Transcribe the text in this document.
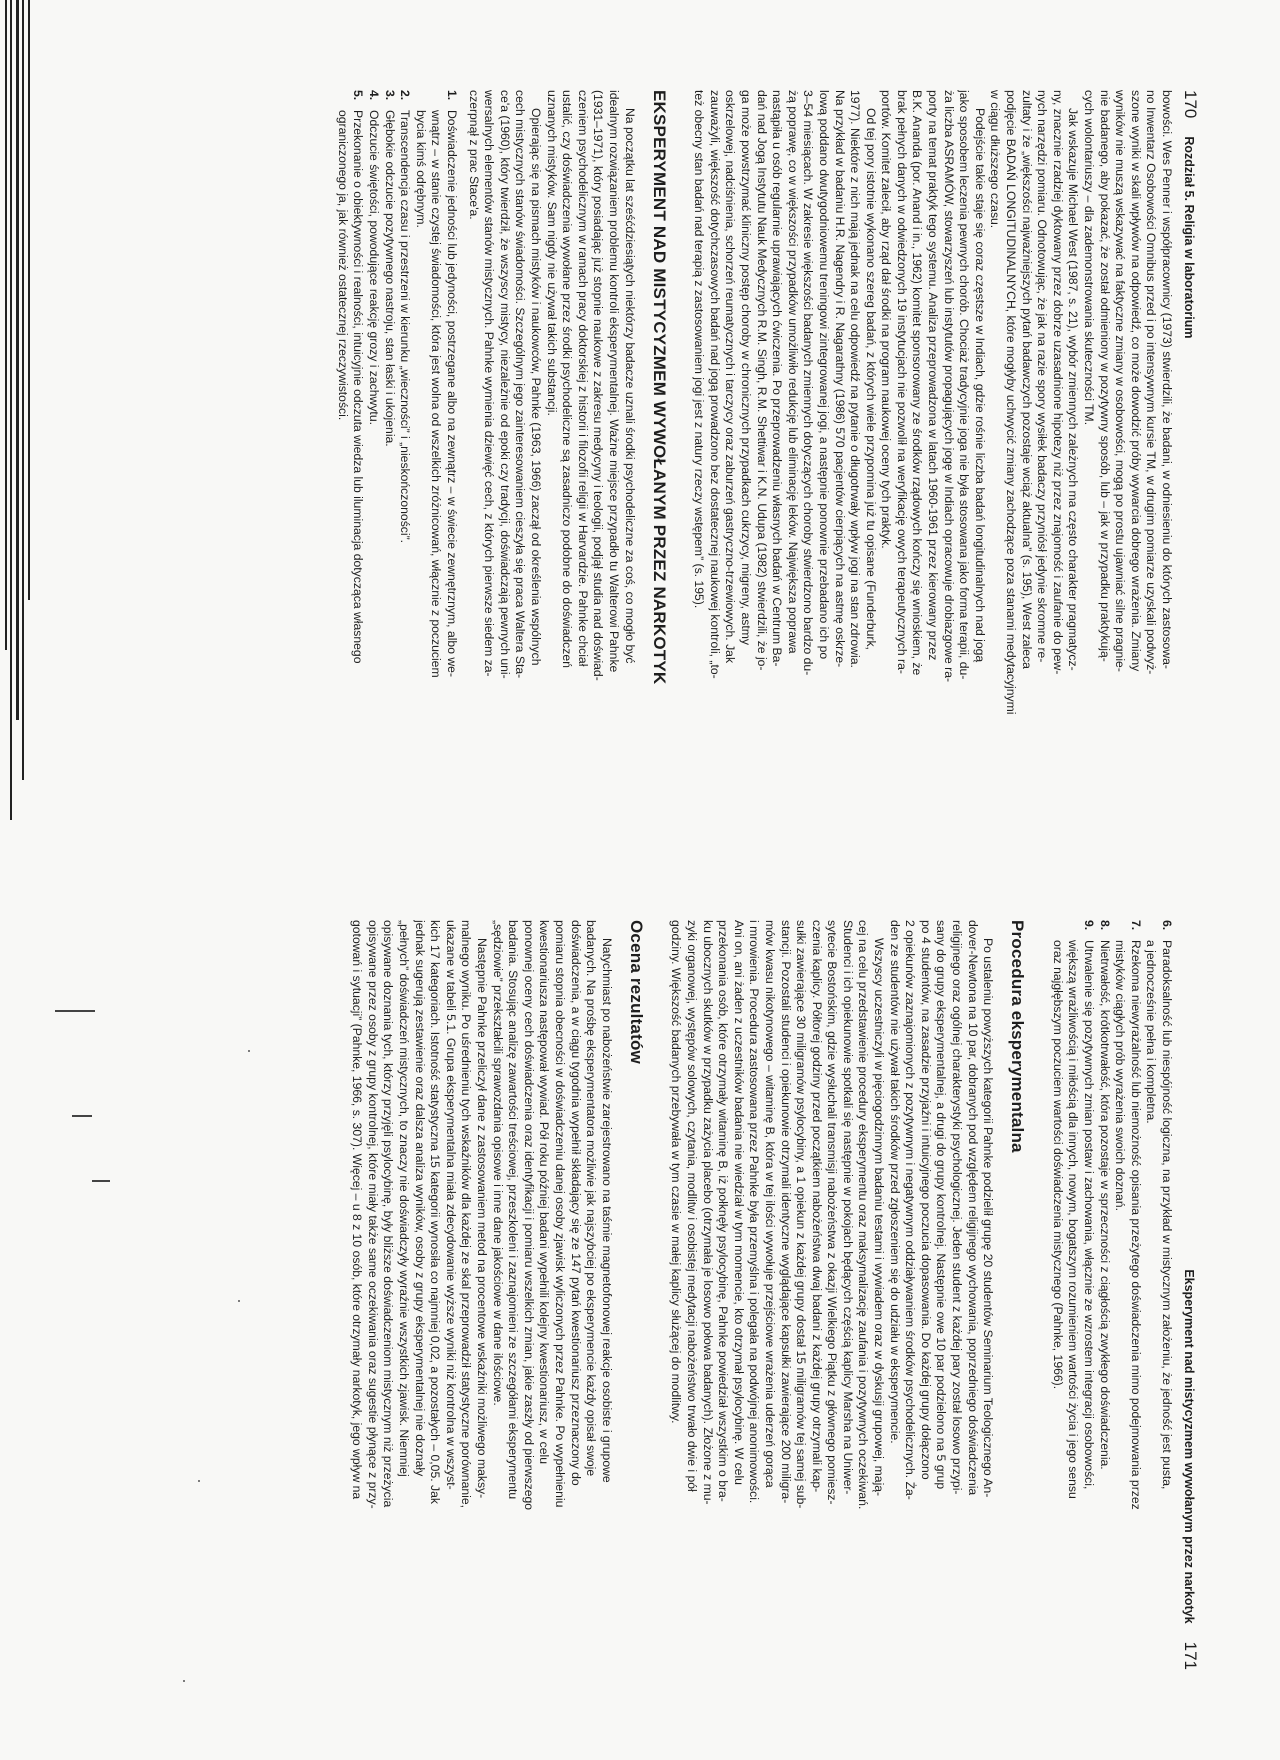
170
Rozdział 5. Religia w laboratorium

bowości. Wes Penner i współpracownicy (1973) stwierdzili, że badani, w odniesieniu do których zastosowa-
no Inwentarz Osobowości Omnibus przed i po intensywnym kursie TM, w drugim pomiarze uzyskali podwyż-
szone wyniki w skali wpływów na odpowiedź, co może dowodzić próby wywarcia dobrego wrażenia. Zmiany
wyników nie muszą wskazywać na faktyczne zmiany w osobowości, mogą po prostu ujawniać silne pragnie-
nie badanego, aby pokazać, że został odmieniony w pozytywny sposób, lub – jak w przypadku praktykują-
cych wolontariuszy – dla zademonstrowania skuteczności TM.

Jak wskazuje Michael West (1987, s. 21), wybór zmiennych zależnych ma często charakter pragmatycz-
ny, znacznie rzadziej dyktowany przez dobrze uzasadnione hipotezy niż przez znajomość i zaufanie do pew-
nych narzędzi pomiaru. Odnotowując, że jak na razie spory wysiłek badaczy przyniósł jedynie skromne re-
zultaty i że „większości najważniejszych pytań badawczych pozostaje wciąż aktualna” (s. 195), West zaleca
podjęcie BADAŃ LONGITUDINALNYCH, które mogłyby uchwycić zmiany zachodzące poza stanami medytacyjnymi
w ciągu dłuższego czasu.

Podejście takie staje się coraz częstsze w Indiach, gdzie rośnie liczba badań longitudinalnych nad jogą
jako sposobem leczenia pewnych chorób. Chociaż tradycyjnie joga nie była stosowana jako forma terapii, du-
ża liczba ASRAMÓW, stowarzyszeń lub instytutów propagujących jogę w Indiach opracowuje drobiazgowe ra-
porty na temat praktyk tego systemu. Analiza przeprowadzona w latach 1960-1961 przez kierowany przez
B.K. Ananda (por. Anand i in., 1962) komitet sponsorowany ze środków rządowych kończy się wnioskiem, że
brak pełnych danych w odwiedzonych 19 instytucjach nie pozwolił na weryfikację owych terapeutycznych ra-
portów. Komitet zalecił, aby rząd dał środki na program naukowej oceny tych praktyk.

Od tej pory istotnie wykonano szereg badań, z których wiele przypomina już tu opisane (Funderburk,
1977). Niektóre z nich mają jednak na celu odpowiedź na pytanie o długotrwały wpływ jogi na stan zdrowia.
Na przykład w badaniu H.R. Nagendry i R. Nagarathny (1986) 570 pacjentów cierpiących na astmę oskrze-
lową poddano dwutygodniowemu treningowi zintegrowanej jogi, a następnie ponownie przebadano ich po
3–54 miesiącach. W zakresie większości badanych zmiennych dotyczących choroby stwierdzono bardzo du-
żą poprawę, co w większości przypadków umożliwiło redukcję lub eliminację leków. Największa poprawa
nastąpiła u osób regularnie uprawiających ćwiczenia. Po przeprowadzeniu własnych badań w Centrum Ba-
dań nad Jogą Instytutu Nauk Medycznych R.M. Singh, R.M. Shettiwar i K.N. Udupa (1982) stwierdzili, że jo-
ga może powstrzymać kliniczny postęp choroby w chronicznych przypadkach cukrzycy, migreny, astmy
oskrzelowej, nadciśnienia, schorzeń reumatycznych i tarczycy oraz zaburzeń gastryczno-trzewiowych. Jak
zauważyli, większość dotychczasowych badań nad jogą prowadzono bez dostatecznej naukowej kontroli, „to-
też obecny stan badań nad terapią z zastosowaniem jogi jest z natury rzeczy wstępem” (s. 195).

EKSPERYMENT NAD MISTYCYZMEM WYWOŁANYM PRZEZ NARKOTYK

Na początku lat sześćdziesiątych niektórzy badacze uznali środki psychodeliczne za coś, co mogło być
idealnym rozwiązaniem problemu kontroli eksperymentalnej. Ważne miejsce przypadło tu Walterowi Pahnke
(1931–1971), który posiadając już stopnie naukowe z zakresu medycyny i teologii, podjął studia nad doświad-
czeniem psychodelicznym w ramach pracy doktorskiej z historii i filozofii religii w Harvardzie. Pahnke chciał
ustalić, czy doświadczenia wywołane przez środki psychodeliczne są zasadniczo podobne do doświadczeń
uznanych mistyków. Sam nigdy nie używał takich substancji.

Opierając się na pismach mistyków i naukowców, Pahnke (1963, 1966) zaczął od określenia wspólnych
cech mistycznych stanów świadomości. Szczególnym jego zainteresowaniem cieszyła się praca Waltera Sta-
ce'a (1960), który twierdził, że wszyscy mistycy, niezależnie od epoki czy tradycji, doświadczają pewnych uni-
wersalnych elementów stanów mistycznych. Pahnke wymienia dziewięć cech, z których pierwsze siedem za-
czerpnął z prac Stace'a.

1.
Doświadczenie jedności lub jedyności, postrzegane albo na zewnątrz – w świecie zewnętrznym, albo we-
wnątrz – w stanie czystej świadomości, która jest wolna od wszelkich zróżnicowań, włącznie z poczuciem
bycia kimś odrębnym.
2.
Transcendencja czasu i przestrzeni w kierunku „wieczności” i „nieskończoności”.
3.
Głębokie odczucie pozytywnego nastroju, stan łaski i ukojenia.
4.
Odczucie świętości, powodujące reakcję grozy i zachwytu.
5.
Przekonanie o obiektywności i realności, intuicyjnie odczuta wiedza lub iluminacja dotycząca własnego
ograniczonego ja, jak również ostatecznej rzeczywistości.
Eksperyment nad mistycyzmem wywołanym przez narkotyk
171
6.
Paradoksalność lub niespójność logiczna, na przykład w mistycznym założeniu, że jedność jest pusta,
a jednocześnie pełna i kompletna.
7.
Rzekoma niewyrażalność lub niemożność opisania przeżytego doświadczenia mimo podejmowania przez
mistyków ciągłych prób wyrażenia swoich doznań.
8.
Nietrwałość, krótkotrwałość, która pozostaje w sprzeczności z ciągłością zwykłego doświadczenia.
9.
Utrwalenie się pozytywnych zmian postaw i zachowania, włącznie ze wzrostem integracji osobowości,
większą wrażliwością i miłością dla innych, nowym, bogatszym rozumieniem wartości życia i jego sensu
oraz najgłębszym poczuciem wartości doświadczenia mistycznego (Pahnke, 1966).
Procedura eksperymentalna

Po ustaleniu powyższych kategorii Pahnke podzielił grupę 20 studentów Seminarium Teologicznego An-
dover-Newtona na 10 par, dobranych pod względem religijnego wychowania, poprzedniego doświadczenia
religijnego oraz ogólnej charakterystyki psychologicznej. Jeden student z każdej pary został losowo przypi-
sany do grupy eksperymentalnej, a drugi do grupy kontrolnej. Następnie owe 10 par podzielono na 5 grup
po 4 studentów, na zasadzie przyjaźni i intuicyjnego poczucia dopasowania. Do każdej grupy dołączono
2 opiekunów zaznajomionych z pozytywnym i negatywnym oddziaływaniem środków psychodelicznych. Ża-
den ze studentów nie używał takich środków przed zgłoszeniem się do udziału w eksperymencie.

Wszyscy uczestniczyli w pięciogodzinnym badaniu testami i wywiadem oraz w dyskusji grupowej, mają-
cej na celu przedstawienie procedury eksperymentu oraz maksymalizację zaufania i pozytywnych oczekiwań.
Studenci i ich opiekunowie spotkali się następnie w pokojach będących częścią kaplicy Marsha na Uniwer-
sytecie Bostońskim, gdzie wysłuchali transmisji nabożeństwa z okazji Wielkiego Piątku z głównego pomiesz-
czenia kaplicy. Półtorej godziny przed początkiem nabożeństwa dwaj badani z każdej grupy otrzymali kap-
sułki zawierające 30 miligramów psylocybiny, a 1 opiekun z każdej grupy dostał 15 miligramów tej samej sub-
stancji. Pozostali studenci i opiekunowie otrzymali identyczne wyglądające kapsułki zawierające 200 miligra-
mów kwasu nikotynowego – witaminę B, która w tej ilości wywołuje przejściowe wrażenia uderzeń gorąca
i mrowienia. Procedura zastosowana przez Pahnke była przemyślna i polegała na podwójnej anonimowości.
Ani on, ani żaden z uczestników badania nie wiedział w tym momencie, kto otrzymał psylocybinę. W celu
przekonania osób, które otrzymały witaminę B, iż połknęły psylocybinę, Pahnke powiedział wszystkim o bra-
ku ubocznych skutków w przypadku zażycia placebo (otrzymała je losowo połowa badanych). Złożone z mu-
zyki organowej, występów solowych, czytania, modlitw i osobistej medytacji nabożeństwo trwało dwie i pół
godziny. Większość badanych przebywała w tym czasie w małej kaplicy służącej do modlitwy.

Ocena rezultatów

Natychmiast po nabożeństwie zarejestrowano na taśmie magnetofonowej reakcje osobiste i grupowe
badanych. Na prośbę eksperymentatora możliwie jak najszybciej po eksperymencie każdy opisał swoje
doświadczenia, a w ciągu tygodnia wypełnił składający się ze 147 pytań kwestionariusz przeznaczony do
pomiaru stopnia obecności w doświadczeniu danej osoby zjawisk wyliczonych przez Pahnke. Po wypełnieniu
kwestionariusza następował wywiad. Pół roku później badani wypełnili kolejny kwestionariusz, w celu
ponownej oceny cech doświadczenia oraz identyfikacji i pomiaru wszelkich zmian, jakie zaszły od pierwszego
badania. Stosując analizę zawartości treściowej, przeszkoleni i zaznajomieni ze szczegółami eksperymentu
„sędziowie” przekształcili sprawozdania opisowe i inne dane jakościowe w dane ilościowe.

Następnie Pahnke przeliczył dane z zastosowaniem metod na procentowe wskaźniki możliwego maksy-
malnego wyniku. Po uśrednieniu tych wskaźników dla każdej ze skal przeprowadził statystyczne porównanie,
ukazane w tabeli 5.1. Grupa eksperymentalna miała zdecydowanie wyższe wyniki niż kontrolna w wszyst-
kich 17 kategoriach. Istotność statystyczna 15 kategorii wynosiła co najmniej 0,02, a pozostałych – 0,05. Jak
jednak sugerują zestawienie oraz dalsza analiza wyników, osoby z grupy eksperymentalnej nie doznały
„pełnych” doświadczeń mistycznych, to znaczy nie doświadczyły wyraźnie wszystkich zjawisk. Niemniej
opisywane doznania tych, którzy przyjęli psylocybinę, były bliższe doświadczeniom mistycznym niż przeżycia
opisywane przez osoby z grupy kontrolnej, które miały także same oczekiwania oraz sugestie płynące z przy-
gotowań i sytuacji” (Pahnke, 1966, s. 307). Więcej – u 8 z 10 osób, które otrzymały narkotyk, jego wpływ na
